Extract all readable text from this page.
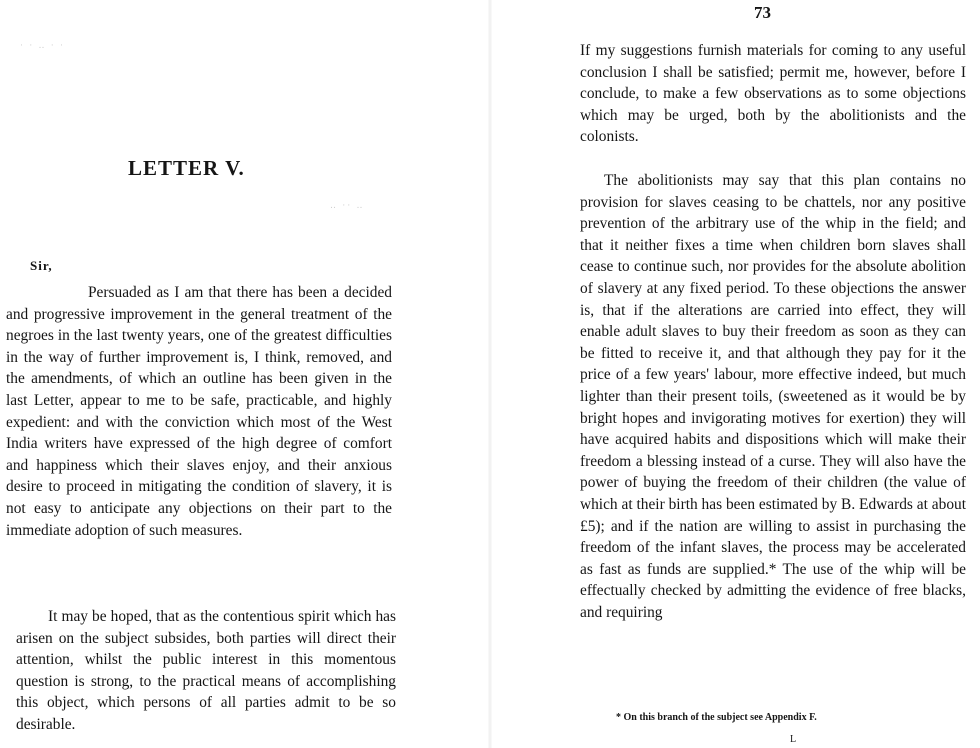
· · ‥ · ·
‥ ·· ‥
LETTER V.
Sir,

Persuaded as I am that there has been a decided and progressive improvement in the general treatment of the negroes in the last twenty years, one of the greatest difficulties in the way of further improvement is, I think, removed, and the amendments, of which an outline has been given in the last Letter, appear to me to be safe, practicable, and highly expedient: and with the conviction which most of the West India writers have expressed of the high degree of comfort and happiness which their slaves enjoy, and their anxious desire to proceed in mitigating the condition of slavery, it is not easy to anticipate any objections on their part to the immediate adoption of such measures.

It may be hoped, that as the contentious spirit which has arisen on the subject subsides, both parties will direct their attention, whilst the public interest in this momentous question is strong, to the practical means of accomplishing this object, which persons of all parties admit to be so desirable.

73

If my suggestions furnish materials for coming to any useful conclusion I shall be satisfied; permit me, however, before I conclude, to make a few observations as to some objections which may be urged, both by the abolitionists and the colonists.

The abolitionists may say that this plan contains no provision for slaves ceasing to be chattels, nor any positive prevention of the arbitrary use of the whip in the field; and that it neither fixes a time when children born slaves shall cease to continue such, nor provides for the absolute abolition of slavery at any fixed period. To these objections the answer is, that if the alterations are carried into effect, they will enable adult slaves to buy their freedom as soon as they can be fitted to receive it, and that although they pay for it the price of a few years' labour, more effective indeed, but much lighter than their present toils, (sweetened as it would be by bright hopes and invigorating motives for exertion) they will have acquired habits and dispositions which will make their freedom a blessing instead of a curse. They will also have the power of buying the freedom of their children (the value of which at their birth has been estimated by B. Edwards at about £5); and if the nation are willing to assist in purchasing the freedom of the infant slaves, the process may be accelerated as fast as funds are supplied.* The use of the whip will be effectually checked by admitting the evidence of free blacks, and requiring

* On this branch of the subject see Appendix F.
L
